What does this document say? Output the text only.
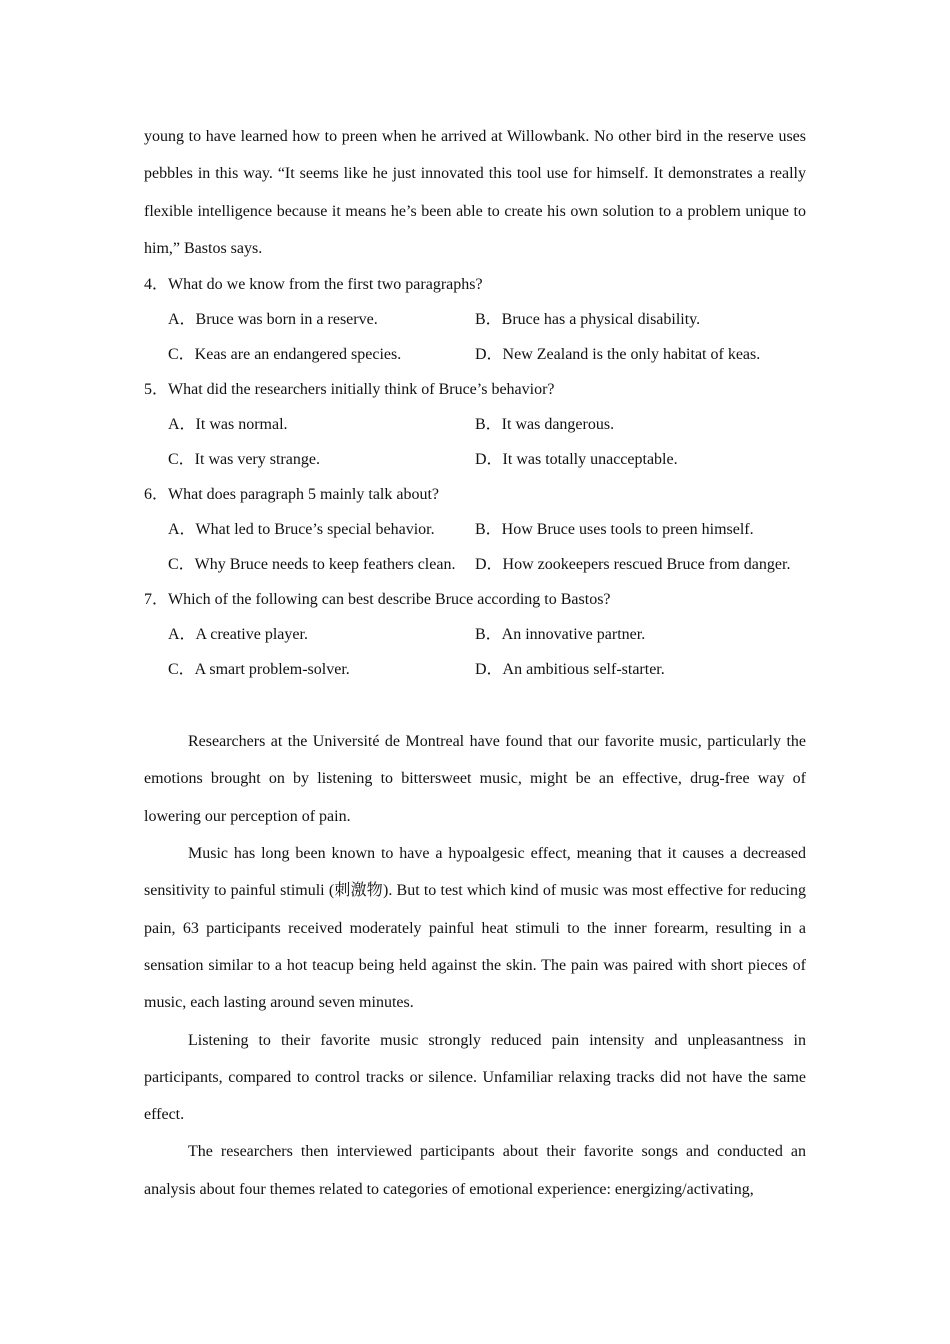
young to have learned how to preen when he arrived at Willowbank. No other bird in the reserve uses pebbles in this way. “It seems like he just innovated this tool use for himself. It demonstrates a really flexible intelligence because it means he’s been able to create his own solution to a problem unique to him,” Bastos says.

4．What do we know from the first two paragraphs?
A．Bruce was born in a reserve.	B．Bruce has a physical disability.
C．Keas are an endangered species.	D．New Zealand is the only habitat of keas.
5．What did the researchers initially think of Bruce’s behavior?
A．It was normal.	B．It was dangerous.
C．It was very strange.	D．It was totally unacceptable.
6．What does paragraph 5 mainly talk about?
A．What led to Bruce’s special behavior.	B．How Bruce uses tools to preen himself.
C．Why Bruce needs to keep feathers clean. D．How zookeepers rescued Bruce from danger.
7．Which of the following can best describe Bruce according to Bastos?
A．A creative player.	B．An innovative partner.
C．A smart problem-solver.	D．An ambitious self-starter.

Researchers at the Université de Montreal have found that our favorite music, particularly the emotions brought on by listening to bittersweet music, might be an effective, drug-free way of lowering our perception of pain.

Music has long been known to have a hypoalgesic effect, meaning that it causes a decreased sensitivity to painful stimuli (刺激物). But to test which kind of music was most effective for reducing pain, 63 participants received moderately painful heat stimuli to the inner forearm, resulting in a sensation similar to a hot teacup being held against the skin. The pain was paired with short pieces of music, each lasting around seven minutes.

Listening to their favorite music strongly reduced pain intensity and unpleasantness in participants, compared to control tracks or silence. Unfamiliar relaxing tracks did not have the same effect.

The researchers then interviewed participants about their favorite songs and conducted an analysis about four themes related to categories of emotional experience: energizing/activating,
